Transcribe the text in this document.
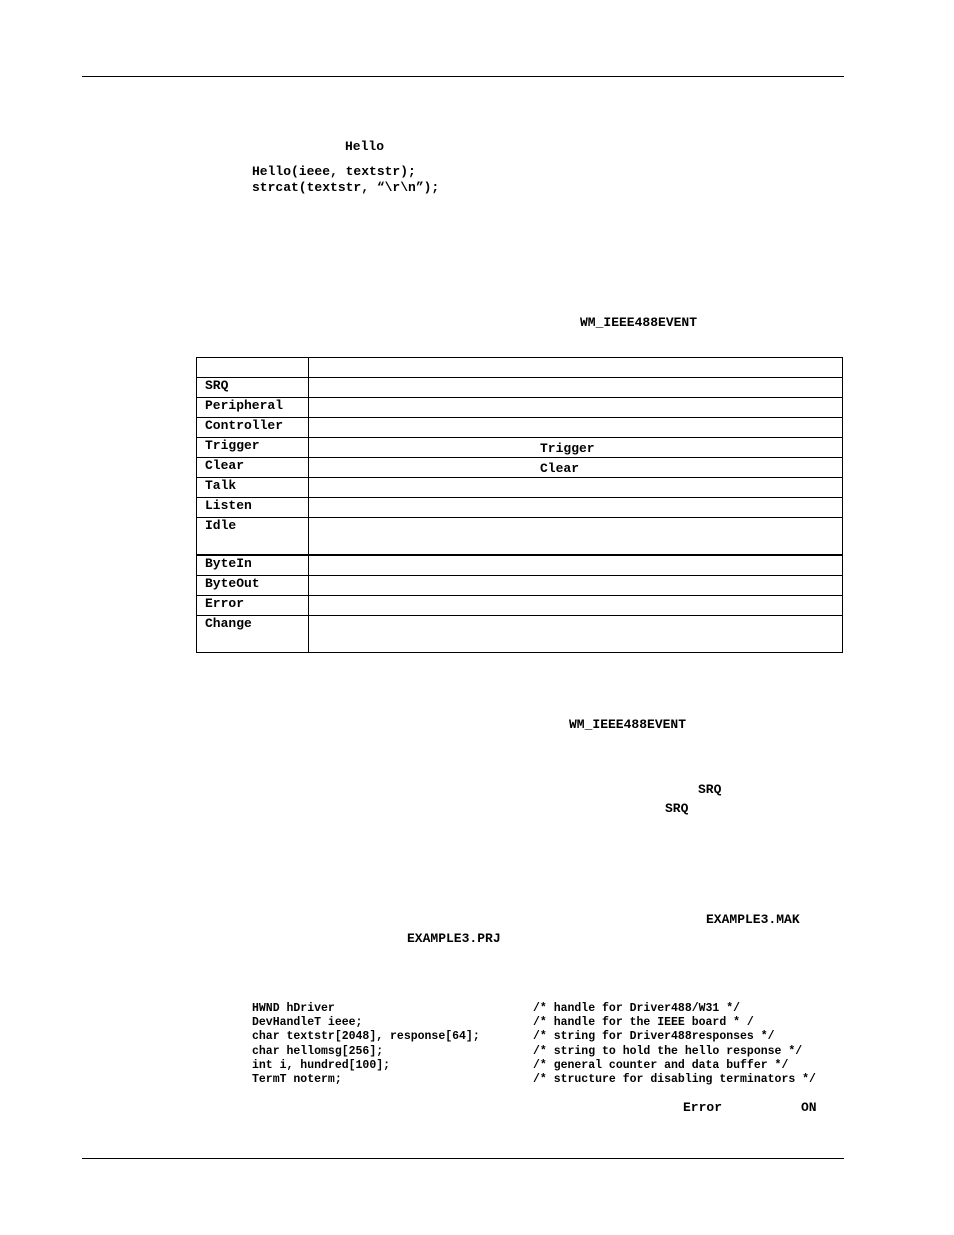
Hello
Hello(ieee, textstr);
strcat(textstr, “\r\n”);
WM_IEEE488EVENT

SRQ	

Peripheral	

Controller	

Trigger	Trigger

Clear	Clear

Talk	

Listen	

Idle	

ByteIn	

ByteOut	

Error	

Change	
WM_IEEE488EVENT
SRQ
SRQ
EXAMPLE3.MAK
EXAMPLE3.PRJ

HWND hDriver

	/* handle for Driver488/W31 */

DevHandleT ieee;

	/* handle for the IEEE board * /

char textstr[2048], response[64];

	/* string for Driver488responses */

char hellomsg[256];

	/* string to hold the hello response */

int i, hundred[100];

	/* general counter and data buffer */

TermT noterm;

	/* structure for disabling terminators */

Error	ON
